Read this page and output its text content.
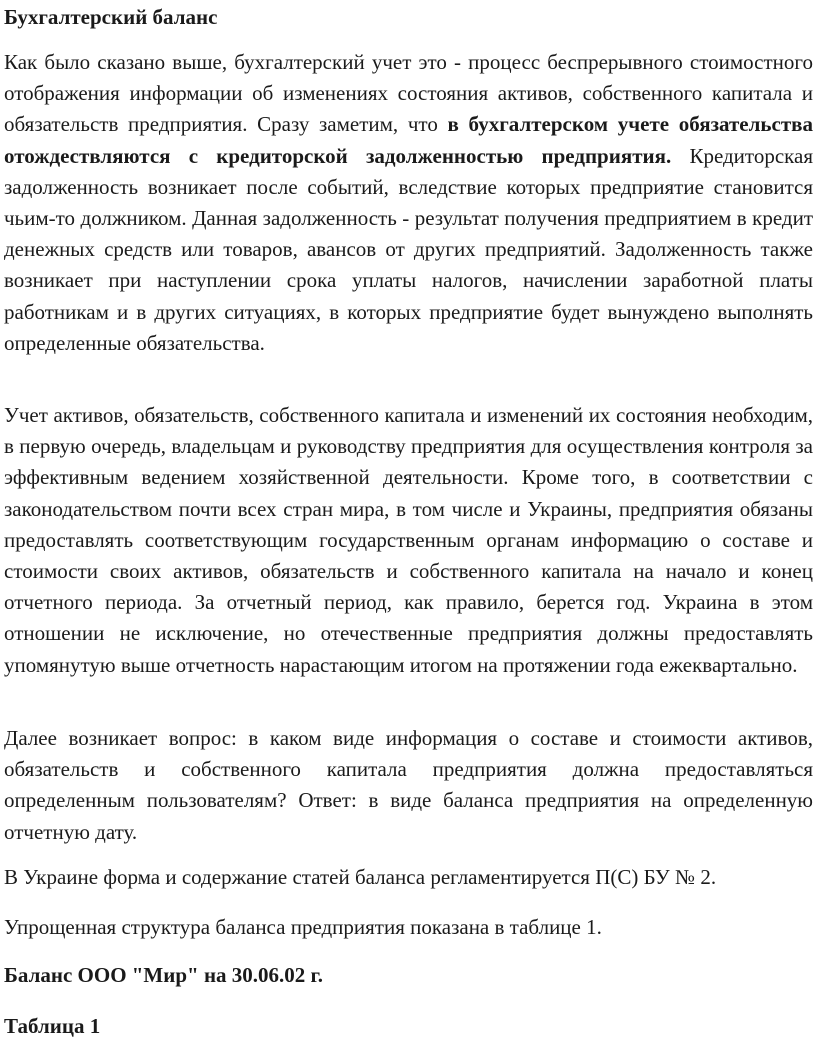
Бухгалтерский баланс

Как было сказано выше, бухгалтерский учет это - процесс беспрерывного стоимостного отображения информации об изменениях состояния активов, собственного капитала и обязательств предприятия. Сразу заметим, что в бухгалтерском учете обязательства отождествляются с кредиторской задолженностью предприятия. Кредиторская задолженность возникает после событий, вследствие которых предприятие становится чьим-то должником. Данная задолженность - результат получения предприятием в кредит денежных средств или товаров, авансов от других предприятий. Задолженность также возникает при наступлении срока уплаты налогов, начислении заработной платы работникам и в других ситуациях, в которых предприятие будет вынуждено выполнять определенные обязательства.

Учет активов, обязательств, собственного капитала и изменений их состояния необходим, в первую очередь, владельцам и руководству предприятия для осуществления контроля за эффективным ведением хозяйственной деятельности. Кроме того, в соответствии с законодательством почти всех стран мира, в том числе и Украины, предприятия обязаны предоставлять соответствующим государственным органам информацию о составе и стоимости своих активов, обязательств и собственного капитала на начало и конец отчетного периода. За отчетный период, как правило, берется год. Украина в этом отношении не исключение, но отечественные предприятия должны предоставлять упомянутую выше отчетность нарастающим итогом на протяжении года ежеквартально.

Далее возникает вопрос: в каком виде информация о составе и стоимости активов, обязательств и собственного капитала предприятия должна предоставляться определенным пользователям? Ответ: в виде баланса предприятия на определенную отчетную дату.

В Украине форма и содержание статей баланса регламентируется П(С) БУ № 2.

Упрощенная структура баланса предприятия показана в таблице 1.

Баланс ООО "Мир" на 30.06.02 г.
Таблица 1
